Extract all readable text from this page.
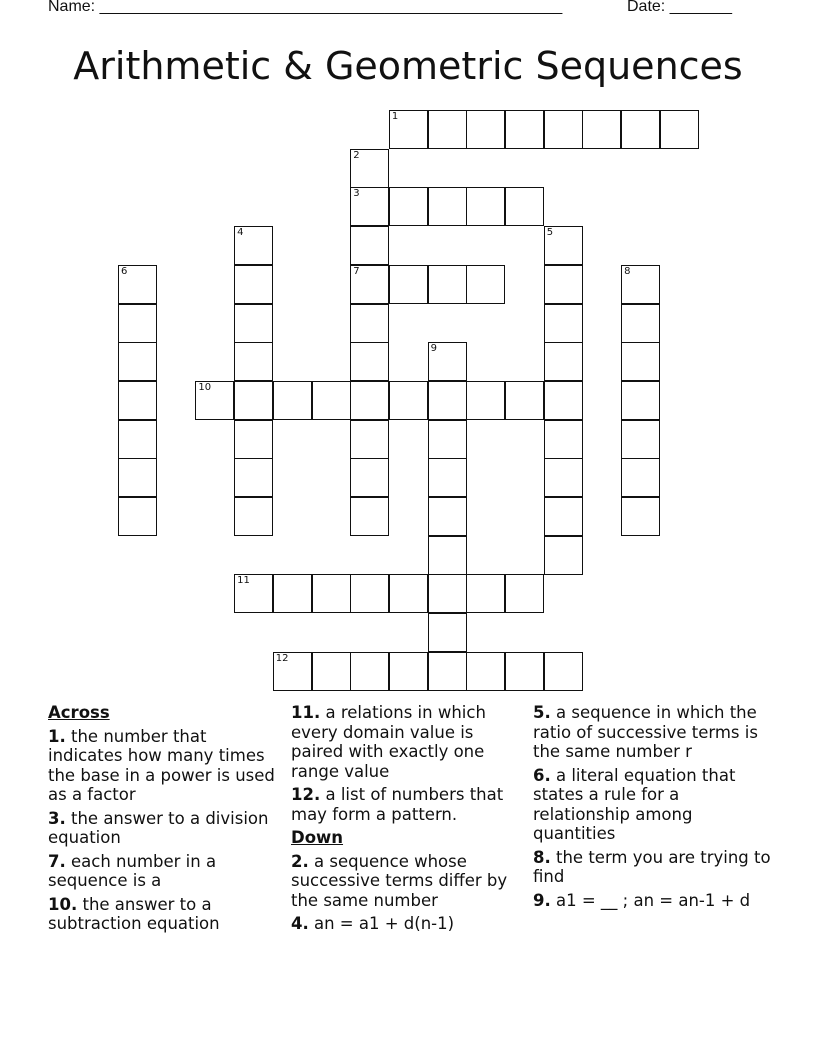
Name: ____________________________________________________	Date: _______
Arithmetic & Geometric Sequences
1
2
3
4	5
6	7	8
9
10
11
12
Across
1. the number that indicates how many times the base in a power is used as a factor
3. the answer to a division equation
7. each number in a sequence is a
10. the answer to a subtraction equation
11. a relations in which every domain value is paired with exactly one range value
12. a list of numbers that may form a pattern.
Down
2. a sequence whose successive terms differ by the same number
4. an = a1 + d(n-1)
5. a sequence in which the ratio of successive terms is the same number r
6. a literal equation that states a rule for a relationship among quantities
8. the term you are trying to find
9. a1 = __ ; an = an-1 + d
